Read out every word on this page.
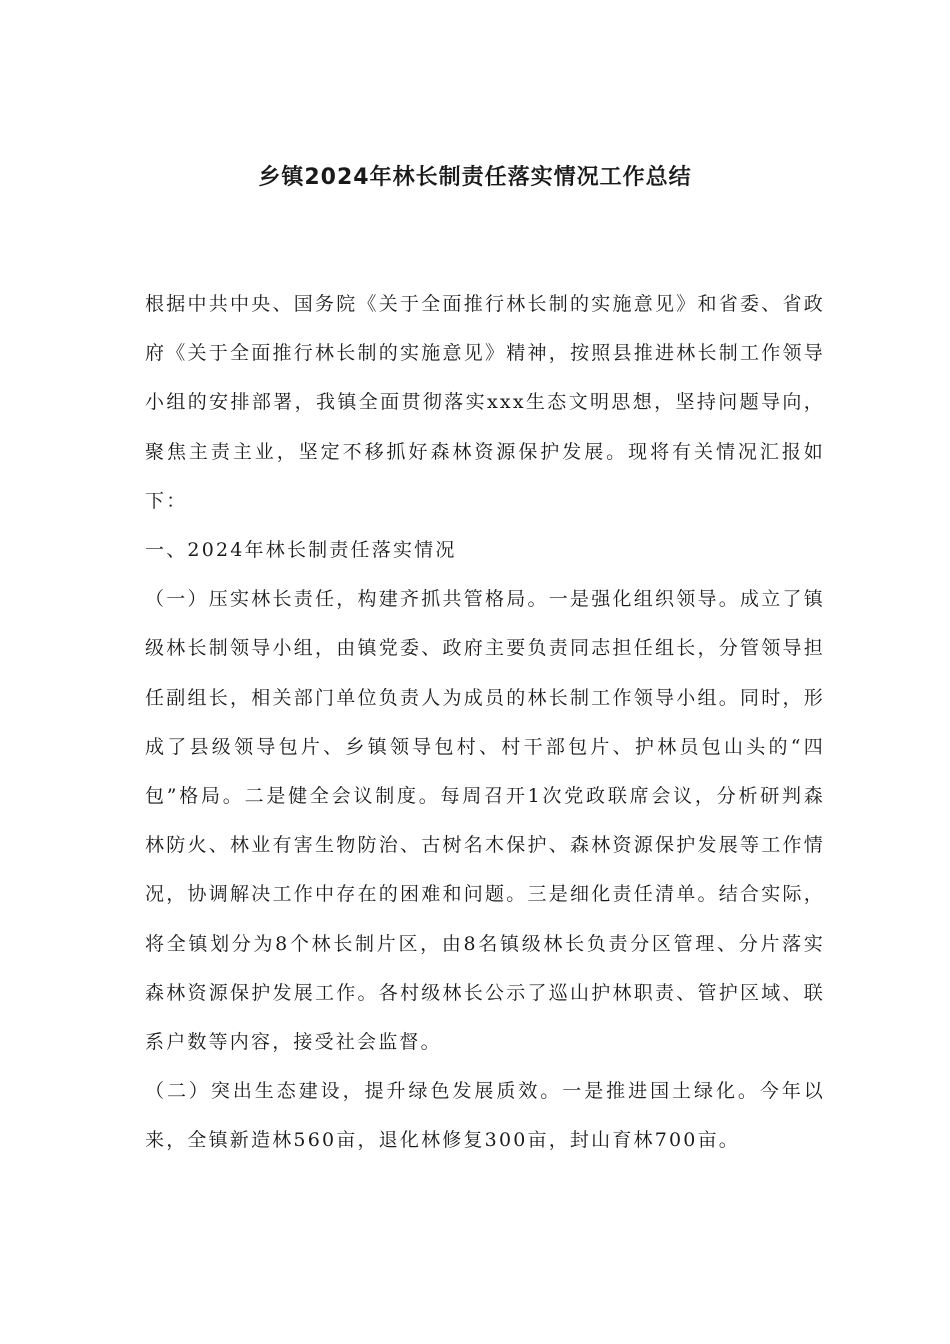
乡镇2024年林长制责任落实情况工作总结

根据中共中央、国务院《关于全面推行林长制的实施意见》和省委、省政府《关于全面推行林长制的实施意见》精神，按照县推进林长制工作领导小组的安排部署，我镇全面贯彻落实xxx生态文明思想，坚持问题导向，聚焦主责主业，坚定不移抓好森林资源保护发展。现将有关情况汇报如下：

一、2024年林长制责任落实情况

（一）压实林长责任，构建齐抓共管格局。一是强化组织领导。成立了镇级林长制领导小组，由镇党委、政府主要负责同志担任组长，分管领导担任副组长，相关部门单位负责人为成员的林长制工作领导小组。同时，形成了县级领导包片、乡镇领导包村、村干部包片、护林员包山头的“四包”格局。二是健全会议制度。每周召开1次党政联席会议，分析研判森林防火、林业有害生物防治、古树名木保护、森林资源保护发展等工作情况，协调解决工作中存在的困难和问题。三是细化责任清单。结合实际，将全镇划分为8个林长制片区，由8名镇级林长负责分区管理、分片落实森林资源保护发展工作。各村级林长公示了巡山护林职责、管护区域、联系户数等内容，接受社会监督。

（二）突出生态建设，提升绿色发展质效。一是推进国土绿化。今年以来，全镇新造林560亩，退化林修复300亩，封山育林700亩。
